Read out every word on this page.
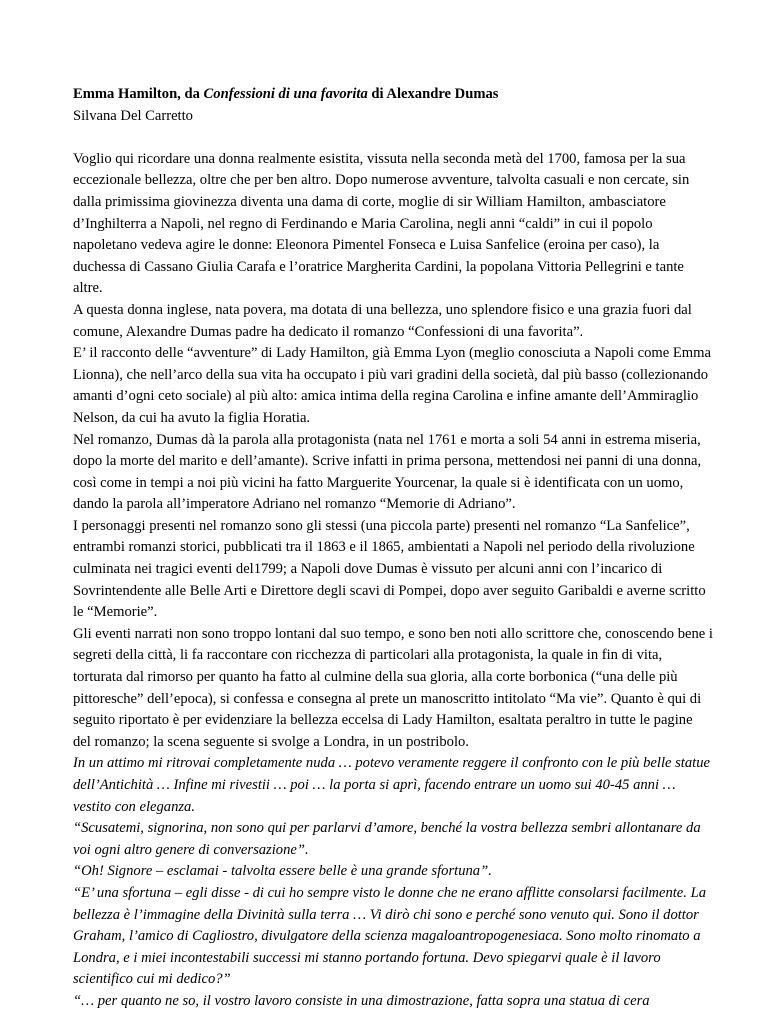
Emma Hamilton, da Confessioni di una favorita di Alexandre Dumas

Silvana Del Carretto

Voglio qui ricordare una donna realmente esistita, vissuta nella seconda metà del 1700, famosa per la sua eccezionale bellezza, oltre che per ben altro. Dopo numerose avventure, talvolta casuali e non cercate, sin dalla primissima giovinezza diventa una dama di corte, moglie di sir William Hamilton, ambasciatore d’Inghilterra a Napoli, nel regno di Ferdinando e Maria Carolina, negli anni “caldi” in cui il popolo napoletano vedeva agire le donne: Eleonora Pimentel Fonseca e Luisa Sanfelice (eroina per caso), la duchessa di Cassano Giulia Carafa e l’oratrice Margherita Cardini, la popolana Vittoria Pellegrini e tante altre.

A questa donna inglese, nata povera, ma dotata di una bellezza, uno splendore fisico e una grazia fuori dal comune, Alexandre Dumas padre ha dedicato il romanzo “Confessioni di una favorita”.

E’ il racconto delle “avventure” di Lady Hamilton, già Emma Lyon (meglio conosciuta a Napoli come Emma Lionna), che nell’arco della sua vita ha occupato i più vari gradini della società, dal più basso (collezionando amanti d’ogni ceto sociale) al più alto: amica intima della regina Carolina e infine amante dell’Ammiraglio Nelson, da cui ha avuto la figlia Horatia.

Nel romanzo, Dumas dà la parola alla protagonista (nata nel 1761 e morta a soli 54 anni in estrema miseria, dopo la morte del marito e dell’amante). Scrive infatti in prima persona, mettendosi nei panni di una donna, così come in tempi a noi più vicini ha fatto Marguerite Yourcenar, la quale si è identificata con un uomo, dando la parola all’imperatore Adriano nel romanzo “Memorie di Adriano”.

I personaggi presenti nel romanzo sono gli stessi (una piccola parte) presenti nel romanzo “La Sanfelice”, entrambi romanzi storici, pubblicati tra il 1863 e il 1865, ambientati a Napoli nel periodo della rivoluzione culminata nei tragici eventi del1799; a Napoli dove Dumas è vissuto per alcuni anni con l’incarico di Sovrintendente alle Belle Arti e Direttore degli scavi di Pompei, dopo aver seguito Garibaldi e averne scritto le “Memorie”.

Gli eventi narrati non sono troppo lontani dal suo tempo, e sono ben noti allo scrittore che, conoscendo bene i segreti della città, li fa raccontare con ricchezza di particolari alla protagonista, la quale in fin di vita, torturata dal rimorso per quanto ha fatto al culmine della sua gloria, alla corte borbonica (“una delle più pittoresche” dell’epoca), si confessa e consegna al prete un manoscritto intitolato “Ma vie”. Quanto è qui di seguito riportato è per evidenziare la bellezza eccelsa di Lady Hamilton, esaltata peraltro in tutte le pagine del romanzo; la scena seguente si svolge a Londra, in un postribolo.

In un attimo mi ritrovai completamente nuda … potevo veramente reggere il confronto con le più belle statue dell’Antichità … Infine mi rivestii … poi … la porta si aprì, facendo entrare un uomo sui 40-45 anni … vestito con eleganza.

“Scusatemi, signorina, non sono qui per parlarvi d’amore, benché la vostra bellezza sembri allontanare da voi ogni altro genere di conversazione”.

“Oh! Signore – esclamai - talvolta essere belle è una grande sfortuna”.

“E’ una sfortuna – egli disse - di cui ho sempre visto le donne che ne erano afflitte consolarsi facilmente. La bellezza è l’immagine della Divinità sulla terra … Vi dirò chi sono e perché sono venuto qui. Sono il dottor Graham, l’amico di Cagliostro, divulgatore della scienza magaloantropogenesiaca. Sono molto rinomato a Londra, e i miei incontestabili successi mi stanno portando fortuna. Devo spiegarvi quale è il lavoro scientifico cui mi dedico?”

“… per quanto ne so, il vostro lavoro consiste in una dimostrazione, fatta sopra una statua di cera
